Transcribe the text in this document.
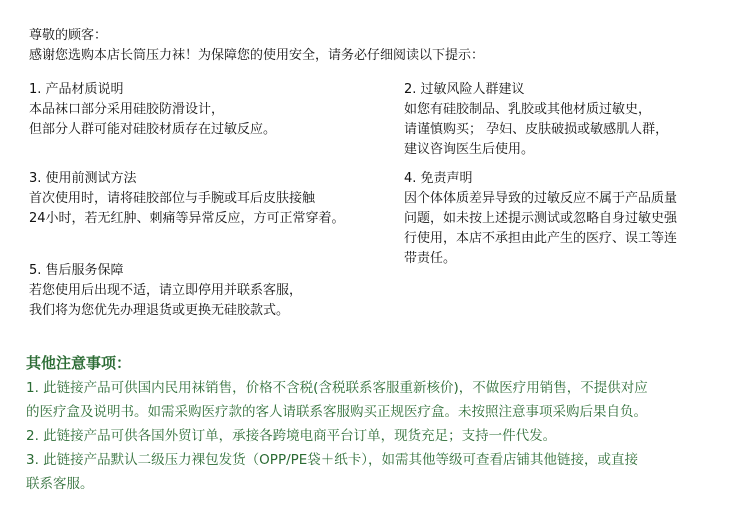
尊敬的顾客：
感谢您选购本店长筒压力袜！为保障您的使用安全，请务必仔细阅读以下提示：
1. 产品材质说明
本品袜口部分采用硅胶防滑设计，
但部分人群可能对硅胶材质存在过敏反应。
2. 过敏风险人群建议
如您有硅胶制品、乳胶或其他材质过敏史，
请谨慎购买； 孕妇、皮肤破损或敏感肌人群，
建议咨询医生后使用。
3. 使用前测试方法
首次使用时，请将硅胶部位与手腕或耳后皮肤接触
24小时，若无红肿、刺痛等异常反应，方可正常穿着。
4. 免责声明
因个体体质差异导致的过敏反应不属于产品质量
问题，如未按上述提示测试或忽略自身过敏史强
行使用，本店不承担由此产生的医疗、误工等连
带责任。
5. 售后服务保障
若您使用后出现不适，请立即停用并联系客服，
我们将为您优先办理退货或更换无硅胶款式。
其他注意事项：
1. 此链接产品可供国内民用袜销售，价格不含税(含税联系客服重新核价)，不做医疗用销售，不提供对应
的医疗盒及说明书。如需采购医疗款的客人请联系客服购买正规医疗盒。未按照注意事项采购后果自负。
2. 此链接产品可供各国外贸订单，承接各跨境电商平台订单，现货充足；支持一件代发。
3. 此链接产品默认二级压力裸包发货（OPP/PE袋＋纸卡），如需其他等级可查看店铺其他链接，或直接
联系客服。
